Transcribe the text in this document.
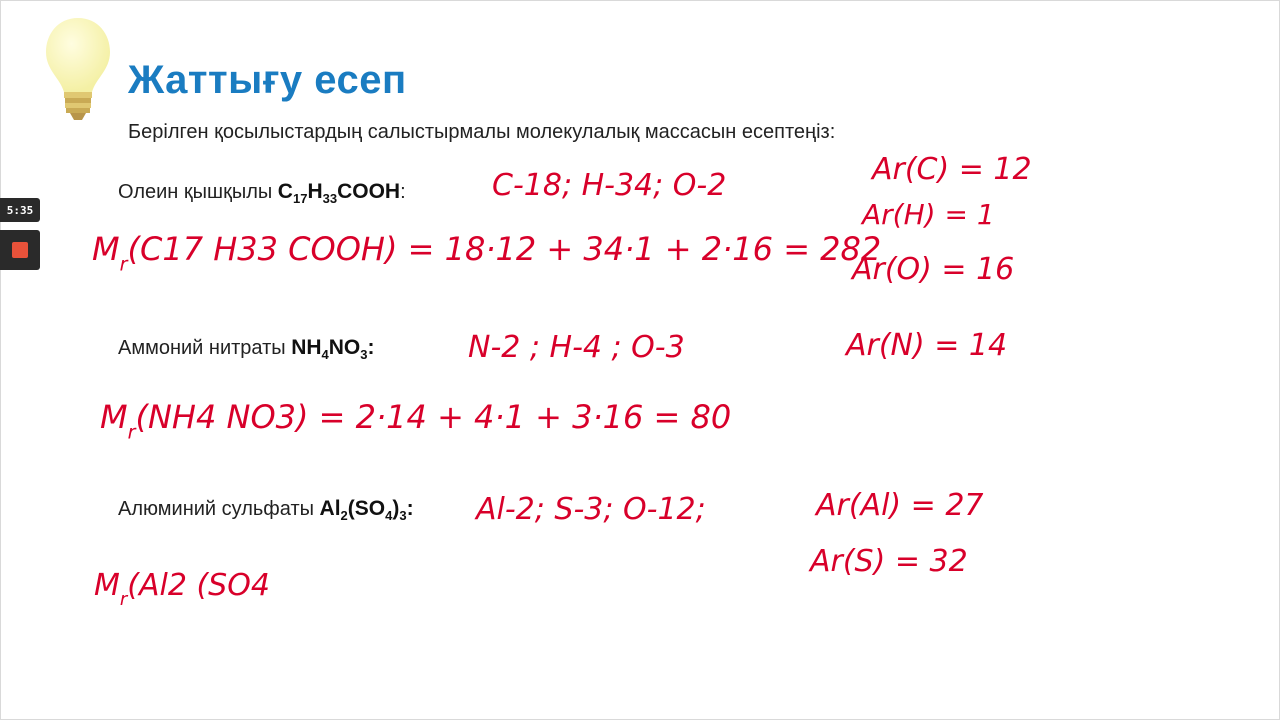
Жаттығу есеп
Берілген қосылыстардың салыстырмалы молекулалық массасын есептеңіз:
Олеин қышқылы $C_{17}H_{33}COOH$:
Аммоний нитраты $NH_4NO_3$:
Алюминий сульфаты $Al_2(SO_4)_3$:
C-18; H-34; O-2
$M_r(C17$ H33 COOH) = 18·12 + 34·1 + 2·16 = 282
N-2 ; H-4 ; O-3
$M_r(NH4$ NO3) = 2·14 + 4·1 + 3·16 = 80
Al-2; S-3; O-12;
$M_r(Al2$ (SO4
Ar(C) = 12
Ar(H) = 1
Ar(O) = 16
Ar(N) = 14
Ar(Al) = 27
Ar(S) = 32
5:35
